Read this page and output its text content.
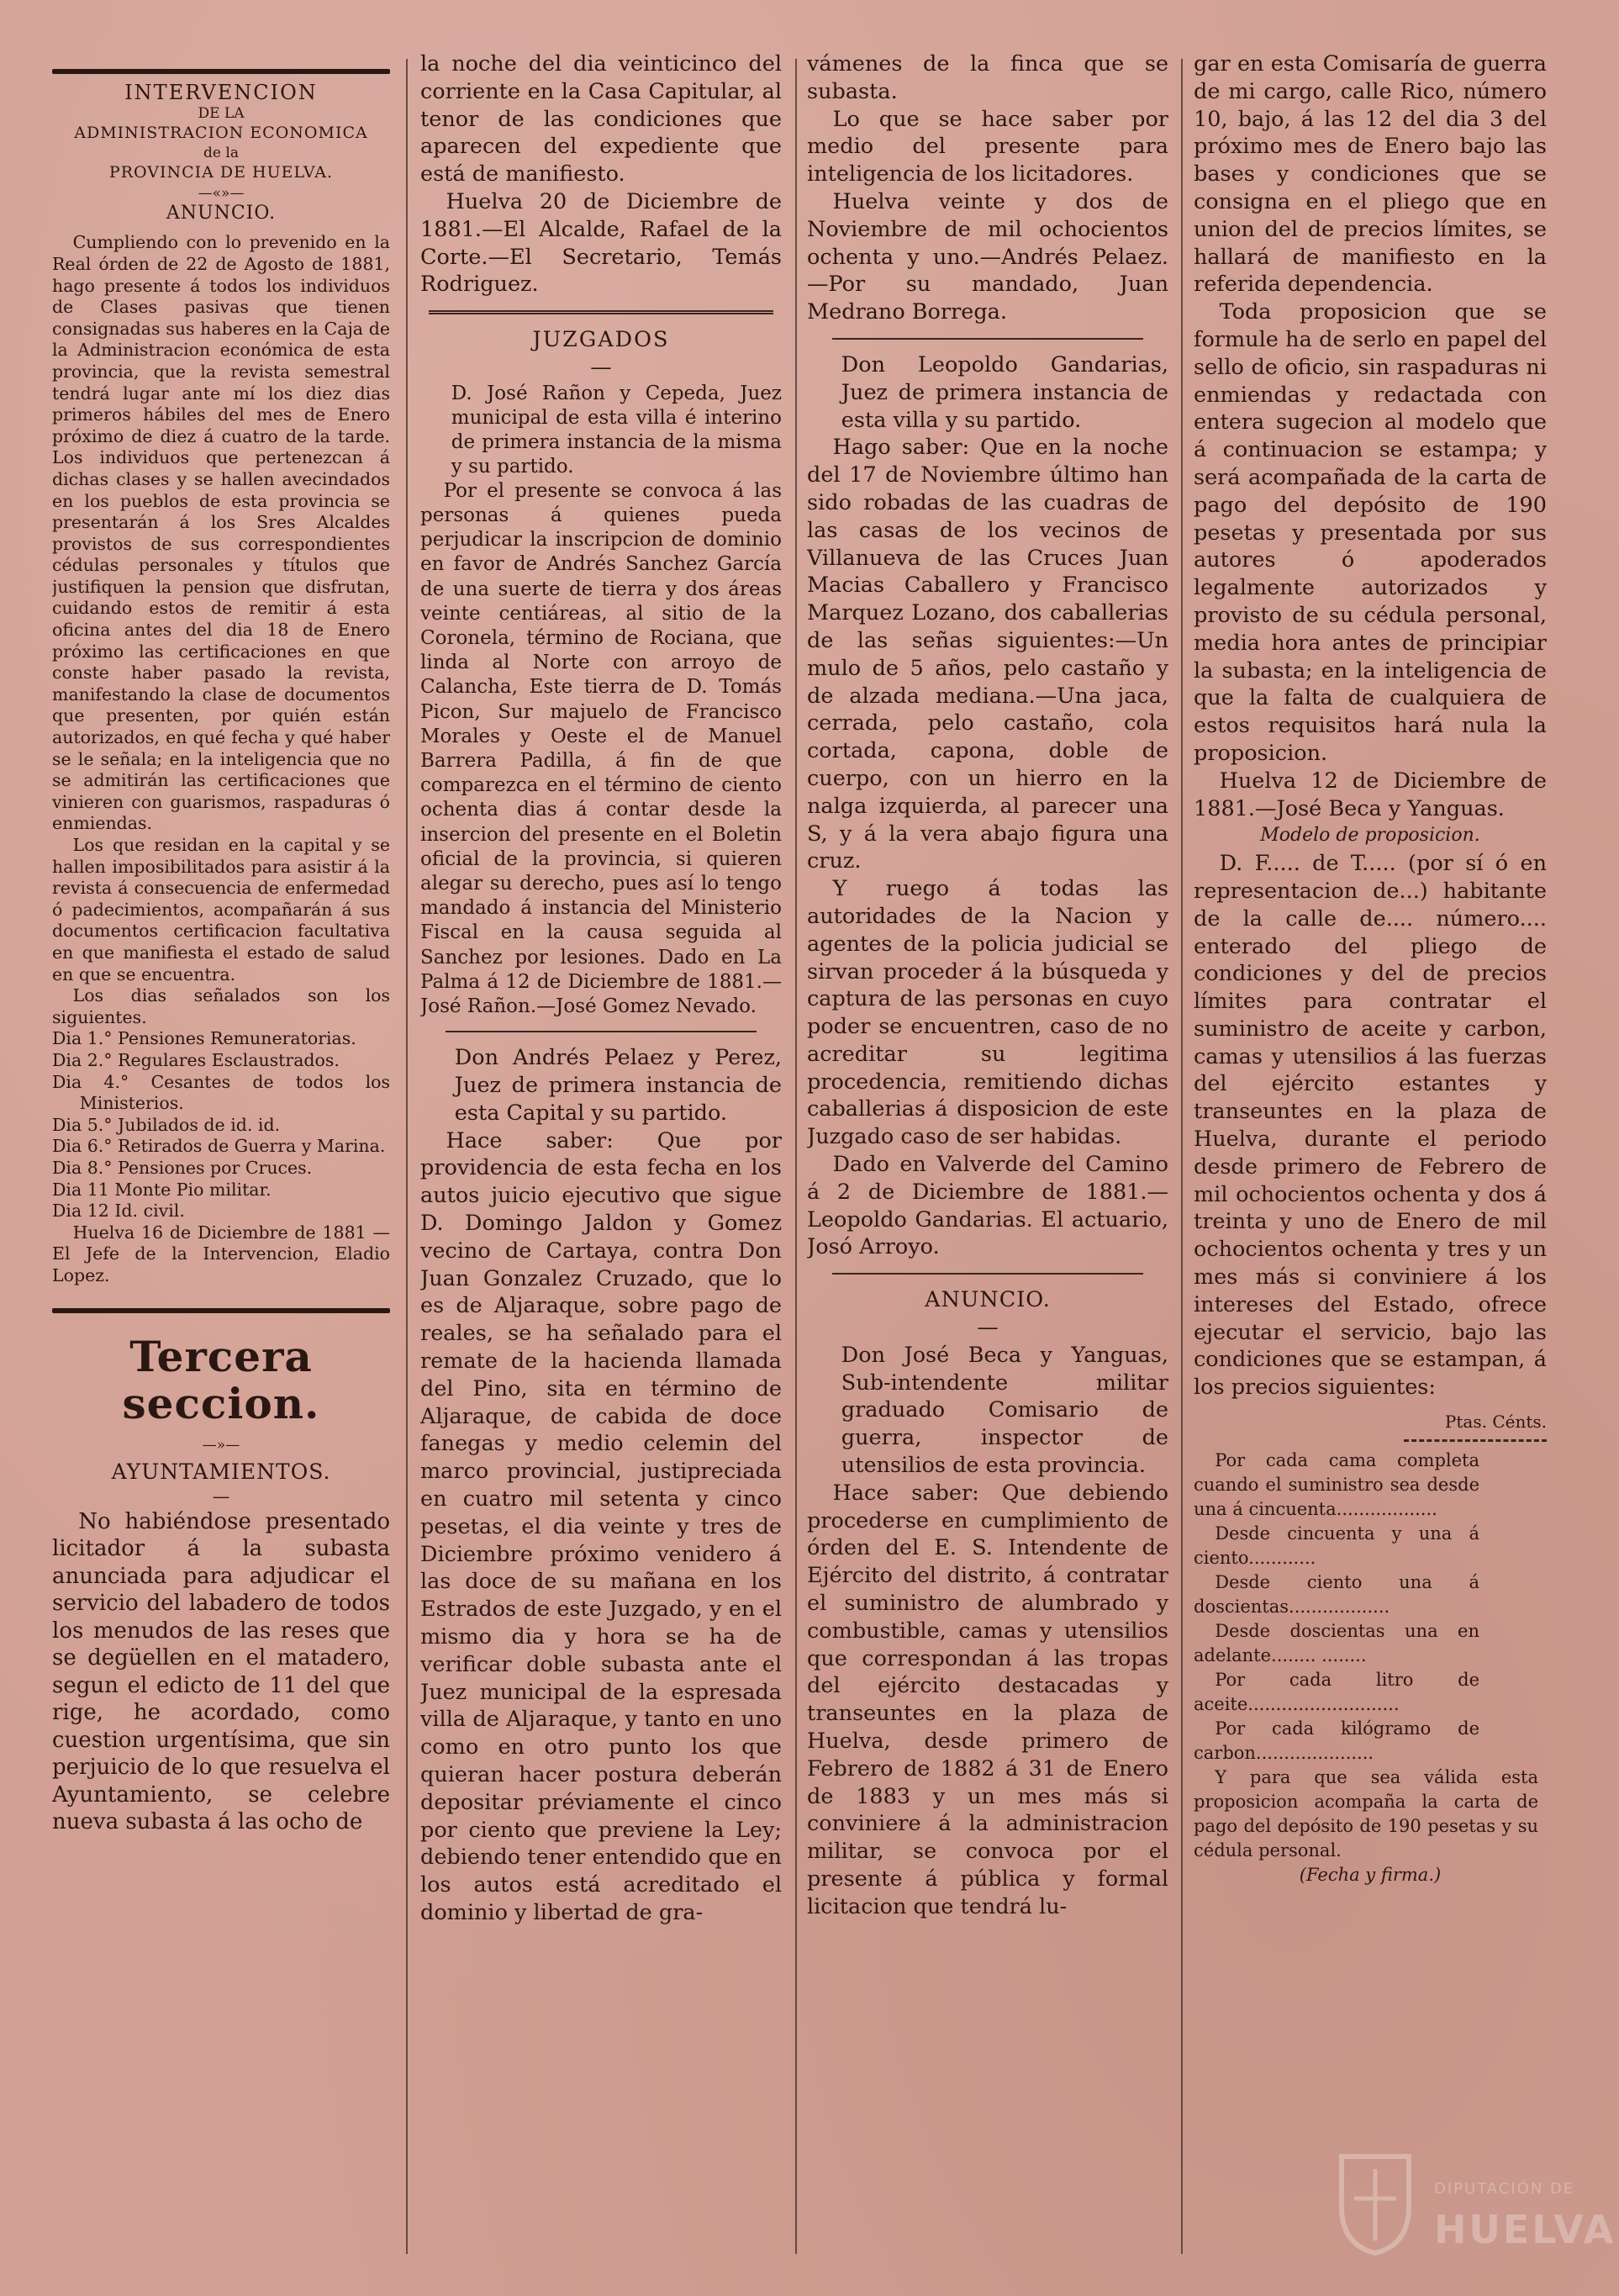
INTERVENCION
DE LA
ADMINISTRACION ECONOMICA
de la
PROVINCIA DE HUELVA.
—«»—
ANUNCIO.

Cumpliendo con lo prevenido en la Real órden de 22 de Agosto de 1881, hago presente á todos los individuos de Clases pasivas que tienen consignadas sus haberes en la Caja de la Administracion económica de esta provincia, que la revista semestral tendrá lugar ante mí los diez dias primeros hábiles del mes de Enero próximo de diez á cuatro de la tarde. Los individuos que pertenezcan á dichas clases y se hallen avecindados en los pueblos de esta provincia se presentarán á los Sres Alcaldes provistos de sus correspondientes cédulas personales y títulos que justifiquen la pension que disfrutan, cuidando estos de remitir á esta oficina antes del dia 18 de Enero próximo las certificaciones en que conste haber pasado la revista, manifestando la clase de documentos que presenten, por quién están autorizados, en qué fecha y qué haber se le señala; en la inteligencia que no se admitirán las certificaciones que vinieren con guarismos, raspaduras ó enmiendas.

Los que residan en la capital y se hallen imposibilitados para asistir á la revista á consecuencia de enfermedad ó padecimientos, acompañarán á sus documentos certificacion facultativa en que manifiesta el estado de salud en que se encuentra.

Los dias señalados son los siguientes.

Dia 1.° Pensiones Remuneratorias.

Dia 2.° Regulares Esclaustrados.

Dia 4.° Cesantes de todos los Ministerios.

Dia 5.° Jubilados de id. id.

Dia 6.° Retirados de Guerra y Marina.

Dia 8.° Pensiones por Cruces.

Dia 11 Monte Pio militar.

Dia 12 Id. civil.

Huelva 16 de Diciembre de 1881 —El Jefe de la Intervencion, Eladio Lopez.

Tercera seccion.
—»—
AYUNTAMIENTOS.
—

No habiéndose presentado licitador á la subasta anunciada para adjudicar el servicio del labadero de todos los menudos de las reses que se degüellen en el matadero, segun el edicto de 11 del que rige, he acordado, como cuestion urgentísima, que sin perjuicio de lo que resuelva el Ayuntamiento, se celebre nueva subasta á las ocho de

la noche del dia veinticinco del corriente en la Casa Capitular, al tenor de las condiciones que aparecen del expediente que está de manifiesto.

Huelva 20 de Diciembre de 1881.—El Alcalde, Rafael de la Corte.—El Secretario, Temás Rodriguez.

JUZGADOS
—

D. José Rañon y Cepeda, Juez municipal de esta villa é interino de primera instancia de la misma y su partido.

Por el presente se convoca á las personas á quienes pueda perjudicar la inscripcion de dominio en favor de Andrés Sanchez García de una suerte de tierra y dos áreas veinte centiáreas, al sitio de la Coronela, término de Rociana, que linda al Norte con arroyo de Calancha, Este tierra de D. Tomás Picon, Sur majuelo de Francisco Morales y Oeste el de Manuel Barrera Padilla, á fin de que comparezca en el término de ciento ochenta dias á contar desde la insercion del presente en el Boletin oficial de la provincia, si quieren alegar su derecho, pues así lo tengo mandado á instancia del Ministerio Fiscal en la causa seguida al Sanchez por lesiones. Dado en La Palma á 12 de Diciembre de 1881.—José Rañon.—José Gomez Nevado.

Don Andrés Pelaez y Perez, Juez de primera instancia de esta Capital y su partido.

Hace saber: Que por providencia de esta fecha en los autos juicio ejecutivo que sigue D. Domingo Jaldon y Gomez vecino de Cartaya, contra Don Juan Gonzalez Cruzado, que lo es de Aljaraque, sobre pago de reales, se ha señalado para el remate de la hacienda llamada del Pino, sita en término de Aljaraque, de cabida de doce fanegas y medio celemin del marco provincial, justipreciada en cuatro mil setenta y cinco pesetas, el dia veinte y tres de Diciembre próximo venidero á las doce de su mañana en los Estrados de este Juzgado, y en el mismo dia y hora se ha de verificar doble subasta ante el Juez municipal de la espresada villa de Aljaraque, y tanto en uno como en otro punto los que quieran hacer postura deberán depositar préviamente el cinco por ciento que previene la Ley; debiendo tener entendido que en los autos está acreditado el dominio y libertad de gra-

vámenes de la finca que se subasta.

Lo que se hace saber por medio del presente para inteligencia de los licitadores.

Huelva veinte y dos de Noviembre de mil ochocientos ochenta y uno.—Andrés Pelaez.—Por su mandado, Juan Medrano Borrega.

Don Leopoldo Gandarias, Juez de primera instancia de esta villa y su partido.

Hago saber: Que en la noche del 17 de Noviembre último han sido robadas de las cuadras de las casas de los vecinos de Villanueva de las Cruces Juan Macias Caballero y Francisco Marquez Lozano, dos caballerias de las señas siguientes:—Un mulo de 5 años, pelo castaño y de alzada mediana.—Una jaca, cerrada, pelo castaño, cola cortada, capona, doble de cuerpo, con un hierro en la nalga izquierda, al parecer una S, y á la vera abajo figura una cruz.

Y ruego á todas las autoridades de la Nacion y agentes de la policia judicial se sirvan proceder á la búsqueda y captura de las personas en cuyo poder se encuentren, caso de no acreditar su legitima procedencia, remitiendo dichas caballerias á disposicion de este Juzgado caso de ser habidas.

Dado en Valverde del Camino á 2 de Diciembre de 1881.—Leopoldo Gandarias. El actuario, Josó Arroyo.

ANUNCIO.
—

Don José Beca y Yanguas, Sub-intendente militar graduado Comisario de guerra, inspector de utensilios de esta provincia.

Hace saber: Que debiendo procederse en cumplimiento de órden del E. S. Intendente de Ejército del distrito, á contratar el suministro de alumbrado y combustible, camas y utensilios que correspondan á las tropas del ejército destacadas y transeuntes en la plaza de Huelva, desde primero de Febrero de 1882 á 31 de Enero de 1883 y un mes más si conviniere á la administracion militar, se convoca por el presente á pública y formal licitacion que tendrá lu-

gar en esta Comisaría de guerra de mi cargo, calle Rico, número 10, bajo, á las 12 del dia 3 del próximo mes de Enero bajo las bases y condiciones que se consigna en el pliego que en union del de precios límites, se hallará de manifiesto en la referida dependencia.

Toda proposicion que se formule ha de serlo en papel del sello de oficio, sin raspaduras ni enmiendas y redactada con entera sugecion al modelo que á continuacion se estampa; y será acompañada de la carta de pago del depósito de 190 pesetas y presentada por sus autores ó apoderados legalmente autorizados y provisto de su cédula personal, media hora antes de principiar la subasta; en la inteligencia de que la falta de cualquiera de estos requisitos hará nula la proposicion.

Huelva 12 de Diciembre de 1881.—José Beca y Yanguas.

Modelo de proposicion.

D. F..... de T..... (por sí ó en representacion de...) habitante de la calle de.... número.... enterado del pliego de condiciones y del de precios límites para contratar el suministro de aceite y carbon, camas y utensilios á las fuerzas del ejército estantes y transeuntes en la plaza de Huelva, durante el periodo desde primero de Febrero de mil ochocientos ochenta y dos á treinta y uno de Enero de mil ochocientos ochenta y tres y un mes más si conviniere á los intereses del Estado, ofrece ejecutar el servicio, bajo las condiciones que se estampan, á los precios siguientes:

Ptas. Cénts.

Por cada cama completa cuando el suministro sea desde una á cincuenta..................

Desde cincuenta y una á ciento............

Desde ciento una á doscientas..................

Desde doscientas una en adelante........ ........

Por cada litro de aceite...........................

Por cada kilógramo de carbon.....................

Y para que sea válida esta proposicion acompaña la carta de pago del depósito de 190 pesetas y su cédula personal.

(Fecha y firma.)
DIPUTACIÓN DE
HUELVA
